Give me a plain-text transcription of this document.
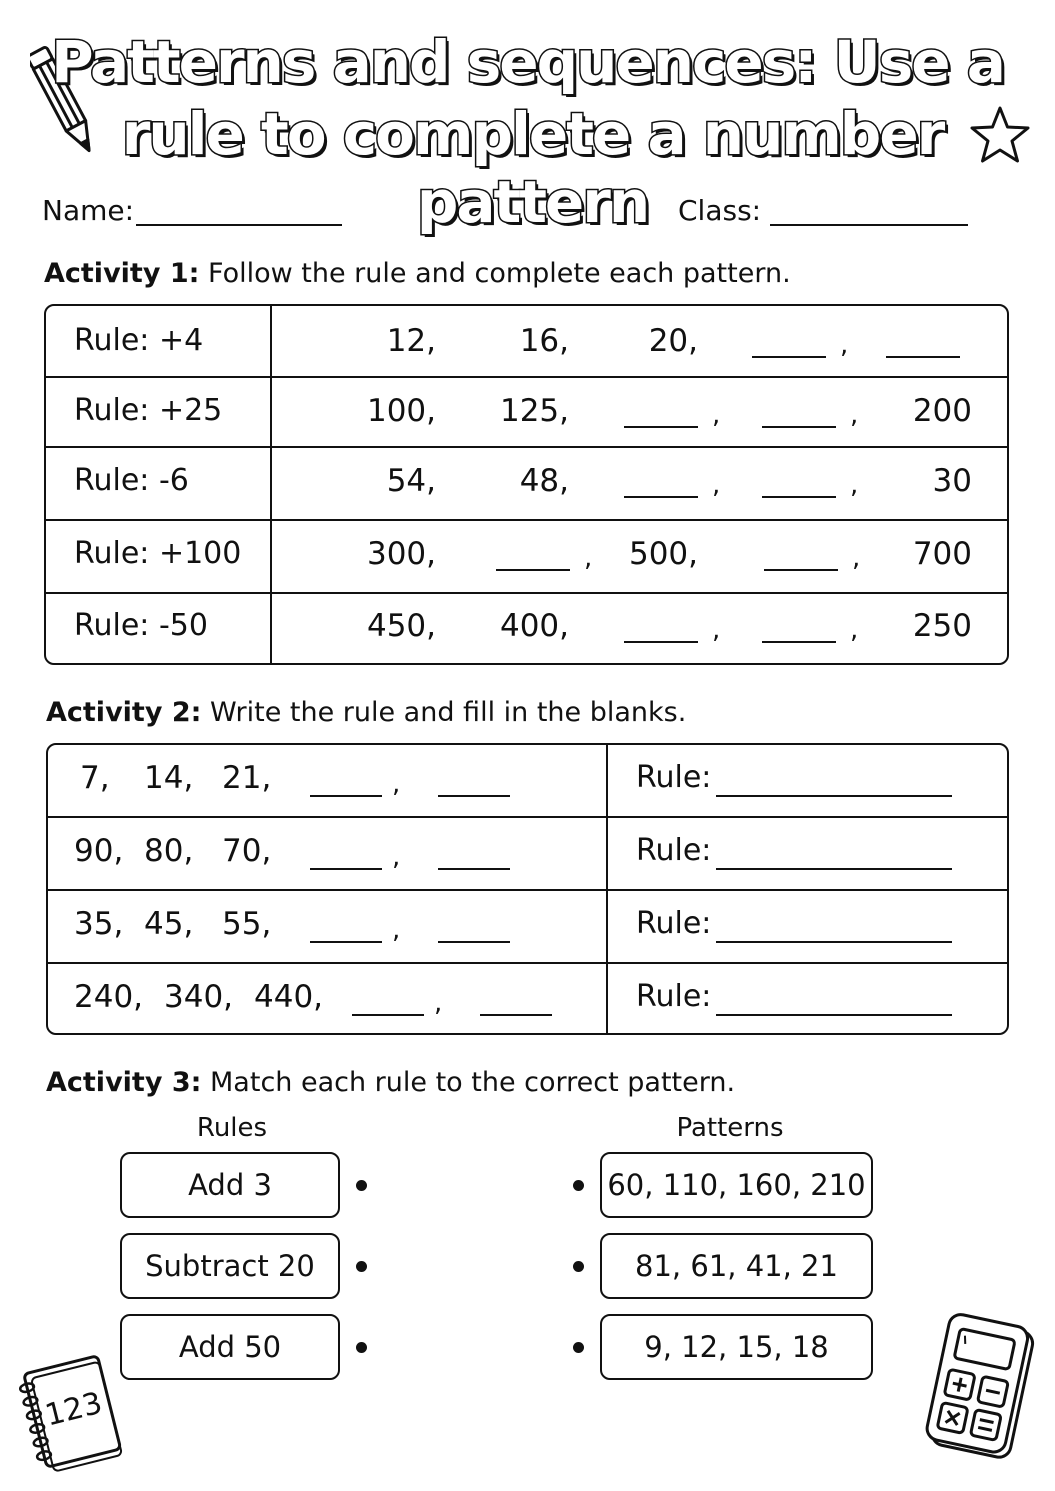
Patterns and sequences: Use a
rule to complete a number pattern
Name:	Class:
Activity 1: Follow the rule and complete each pattern.
Rule: +4	12,	16,	20,	,
Rule: +25	100, 125,	,	, 200
Rule: -6	54,	48,	,	, 30
Rule: +100	300,	, 500,	, 700
Rule: -50	450, 400,	,	, 250
Activity 2: Write the rule and fill in the blanks.
7, 14, 21,	,	Rule:
90, 80, 70,	,	Rule:
35, 45, 55,	,	Rule:
240, 340, 440,	,	Rule:
Activity 3: Match each rule to the correct pattern.
Rules	Patterns
Add 3
Subtract 20
Add 50
60, 110, 160, 210
81, 61, 41, 21
9, 12, 15, 18
123
